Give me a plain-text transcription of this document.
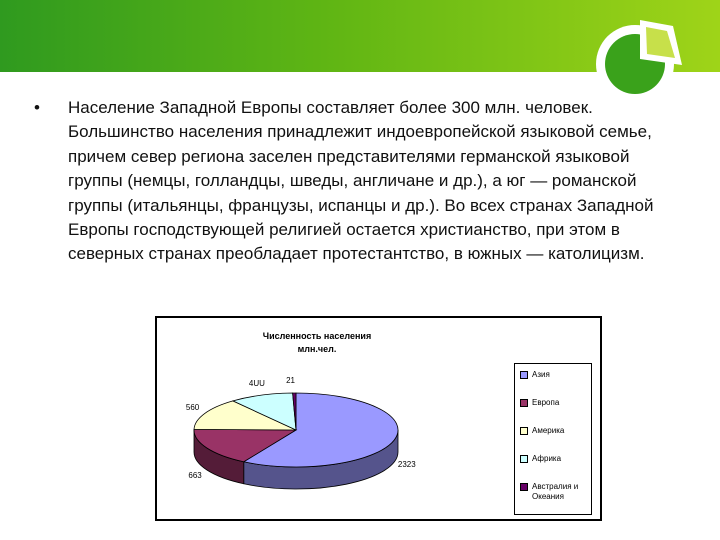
• Население Западной Европы составляет более 300 млн. человек. Большинство населения принадлежит индоевропейской языковой семье, причем север региона заселен представителями германской языковой группы (немцы, голландцы, шведы, англичане и др.), а юг — романской группы (итальянцы, французы, испанцы и др.). Во всех странах Западной Европы господствующей религией остается христианство, при этом в северных странах преобладает протестантство, в южных — католицизм.
Численность населения
млн.чел.
Азия
Европа
Америка
Африка
Австралия и Океания
2323
663
560
4UU	21
